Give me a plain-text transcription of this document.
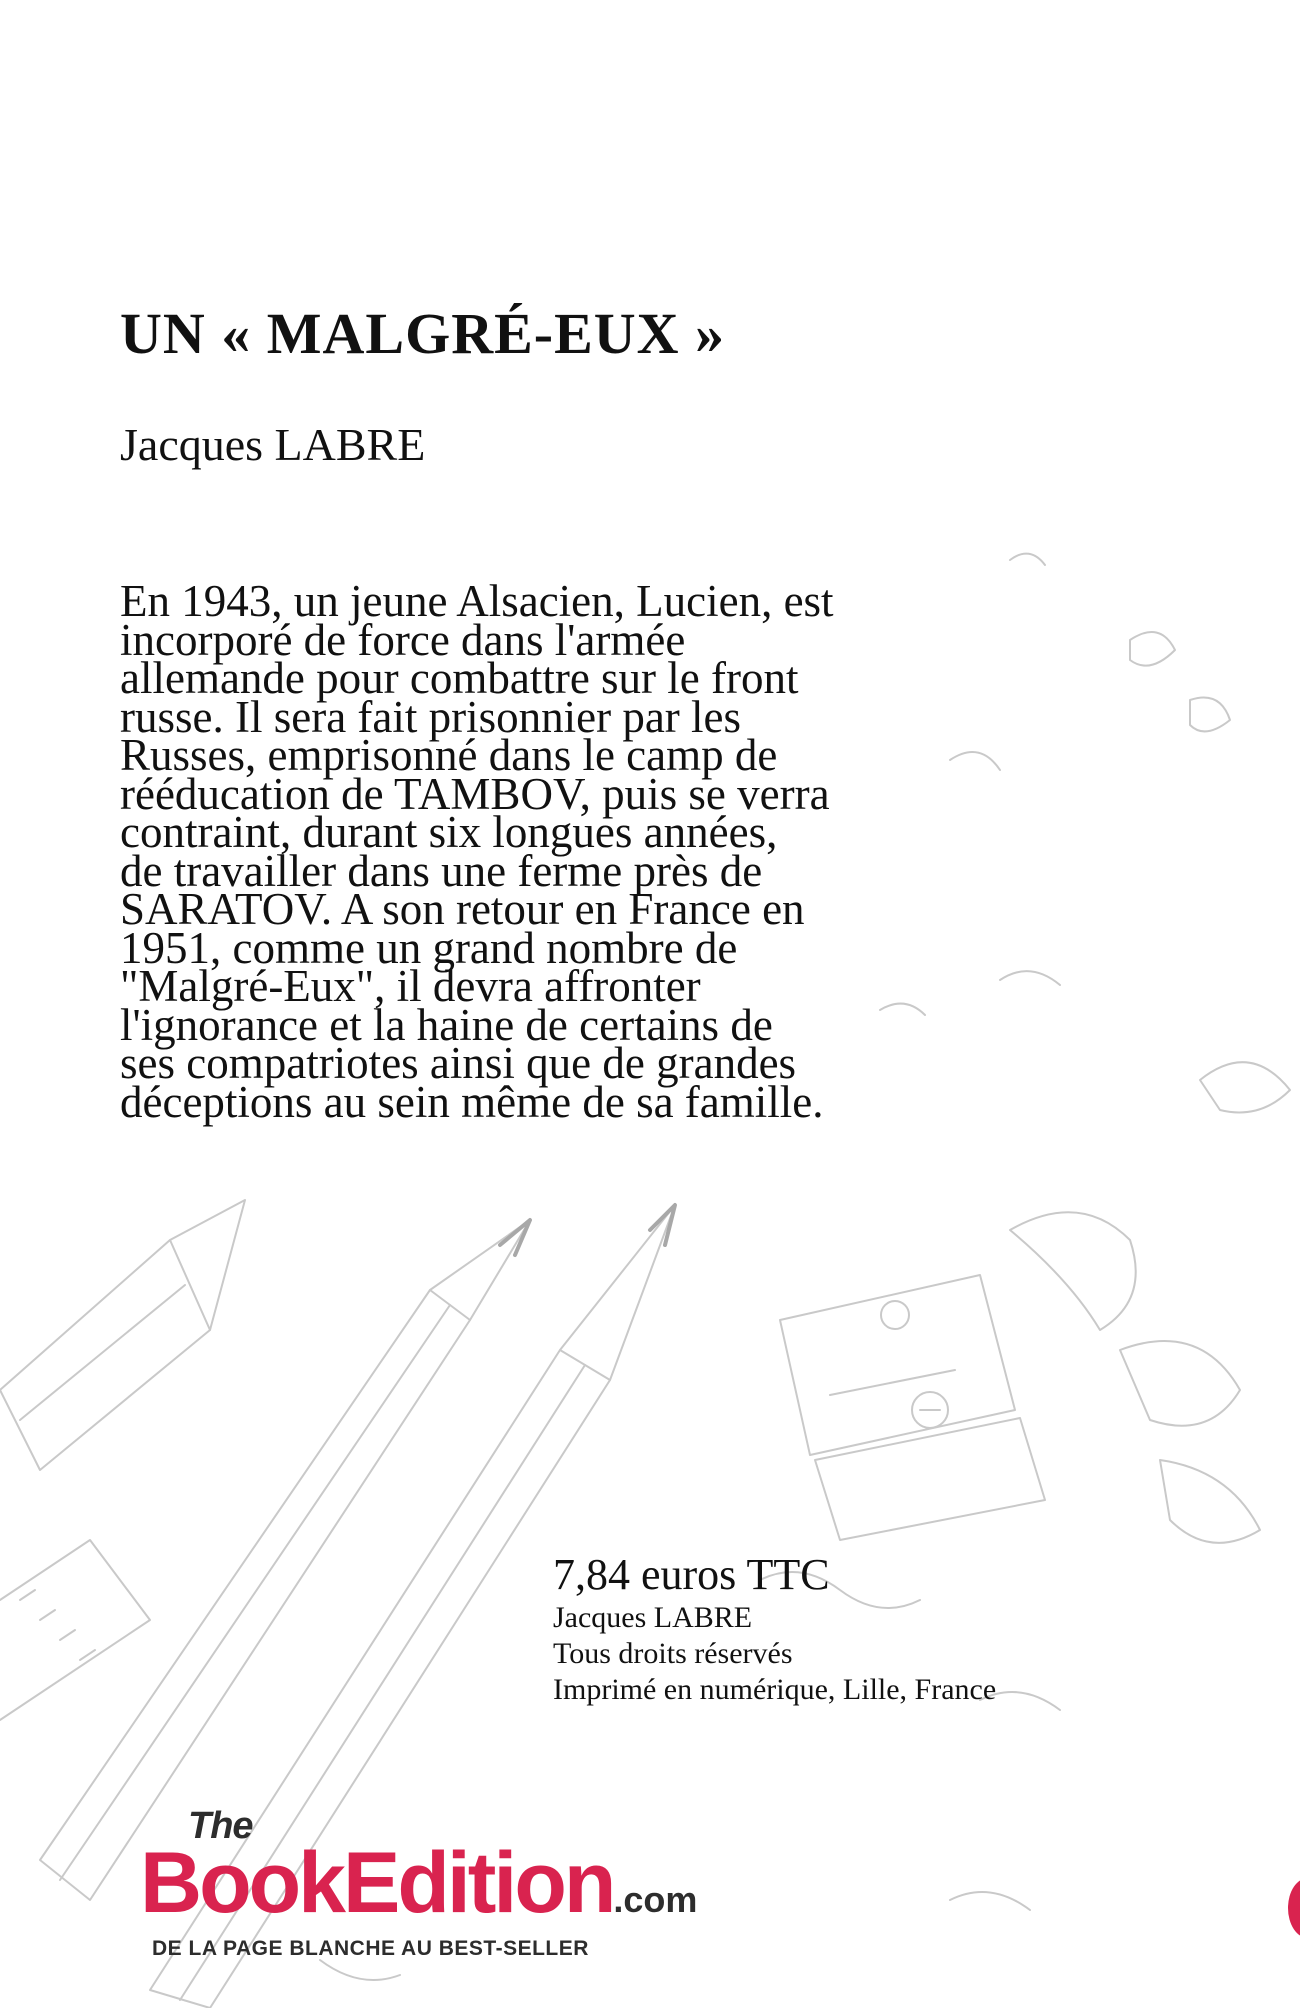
UN « MALGRÉ-EUX »

Jacques LABRE

En 1943, un jeune Alsacien, Lucien, est
incorporé de force dans l'armée
allemande pour combattre sur le front
russe. Il sera fait prisonnier par les
Russes, emprisonné dans le camp de
rééducation de TAMBOV, puis se verra
contraint, durant six longues années,
de travailler dans une ferme près de
SARATOV. A son retour en France en
1951, comme un grand nombre de
"Malgré-Eux", il devra affronter
l'ignorance et la haine de certains de
ses compatriotes ainsi que de grandes
déceptions au sein même de sa famille.

7,84 euros TTC
Jacques LABRE
Tous droits réservés
Imprimé en numérique, Lille, France
The
BookEdition.com
DE LA PAGE BLANCHE AU BEST-SELLER
